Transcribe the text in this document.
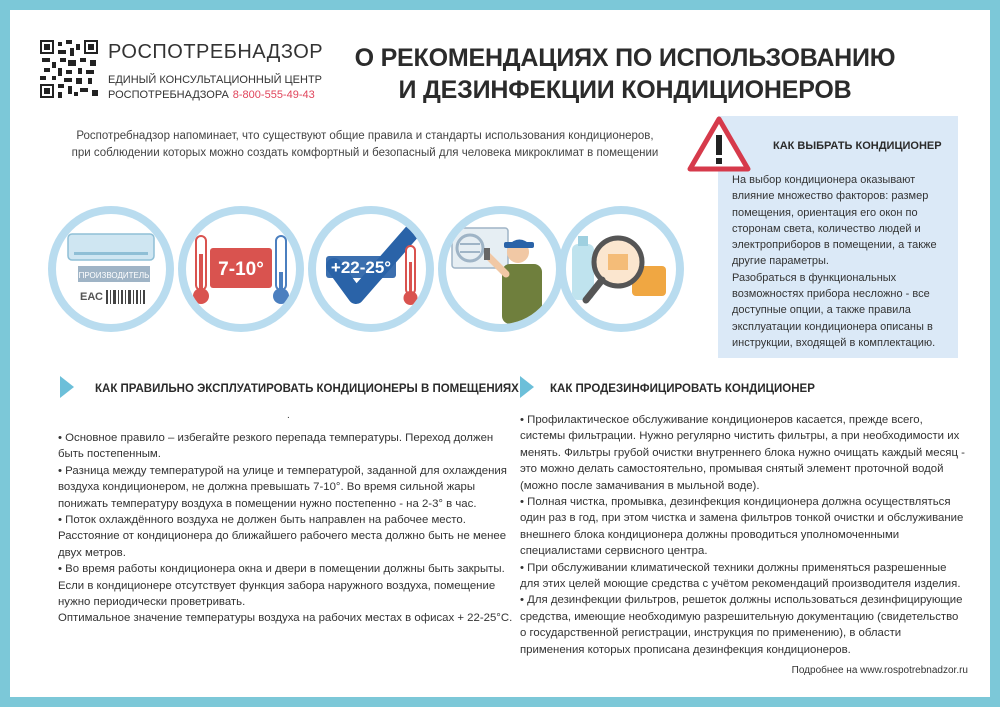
РОСПОТРЕБНАДЗОР
ЕДИНЫЙ КОНСУЛЬТАЦИОННЫЙ ЦЕНТР
РОСПОТРЕБНАДЗОРА 8-800-555-49-43
О РЕКОМЕНДАЦИЯХ ПО ИСПОЛЬЗОВАНИЮ
И ДЕЗИНФЕКЦИИ КОНДИЦИОНЕРОВ
Роспотребнадзор напоминает, что существуют общие правила и стандарты использования кондиционеров, при соблюдении которых можно создать комфортный и безопасный для человека микроклимат в помещении
ПРОИЗВОДИТЕЛЬ
ЕАС
7-10°	+22-25°
КАК ВЫБРАТЬ КОНДИЦИОНЕР
На выбор кондиционера оказывают влияние множество факторов: размер помещения, ориентация его окон по сторонам света, количество людей и электроприборов в помещении, а также другие параметры.
Разобраться в функциональных возможностях прибора несложно - все доступные опции, а также правила эксплуатации кондиционера описаны в инструкции, входящей в комплектацию.
КАК ПРАВИЛЬНО ЭКСПЛУАТИРОВАТЬ КОНДИЦИОНЕРЫ В ПОМЕЩЕНИЯХ
.
• Основное правило – избегайте резкого перепада температуры. Переход должен быть постепенным.
• Разница между температурой на улице и температурой, заданной для охлаждения воздуха кондиционером, не должна превышать 7-10°. Во время сильной жары понижать температуру воздуха в помещении нужно постепенно - на 2-3° в час.
• Поток охлаждённого воздуха не должен быть направлен на рабочее место. Расстояние от кондиционера до ближайшего рабочего места должно быть не менее двух метров.
• Во время работы кондиционера окна и двери в помещении должны быть закрыты. Если в кондиционере отсутствует функция забора наружного воздуха, помещение нужно периодически проветривать.
Оптимальное значение температуры воздуха на рабочих местах в офисах + 22-25°С.
КАК ПРОДЕЗИНФИЦИРОВАТЬ КОНДИЦИОНЕР
• Профилактическое обслуживание кондиционеров касается, прежде всего, системы фильтрации. Нужно регулярно чистить фильтры, а при необходимости их менять. Фильтры грубой очистки внутреннего блока нужно очищать каждый месяц - это можно делать самостоятельно, промывая снятый элемент проточной водой (можно после замачивания в мыльной воде).
• Полная чистка, промывка, дезинфекция кондиционера должна осуществляться один раз в год, при этом чистка и замена фильтров тонкой очистки и обслуживание внешнего блока кондиционера должны проводиться уполномоченными специалистами сервисного центра.
• При обслуживании климатической техники должны применяться разрешенные для этих целей моющие средства с учётом рекомендаций производителя изделия.
• Для дезинфекции фильтров, решеток должны использоваться дезинфицирующие средства, имеющие необходимую разрешительную документацию (свидетельство о государственной регистрации, инструкция по применению), в области применения которых прописана дезинфекция кондиционеров.
Подробнее на www.rospotrebnadzor.ru
